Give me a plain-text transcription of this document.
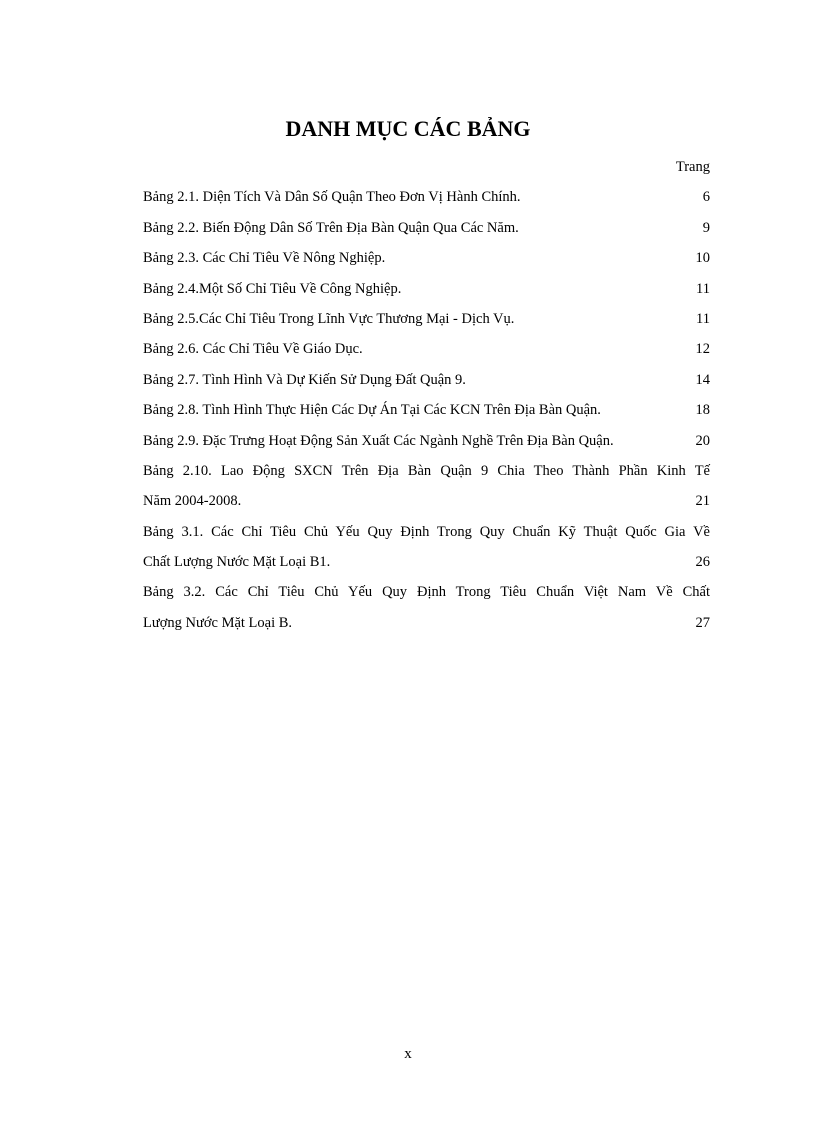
DANH MỤC CÁC BẢNG
Trang
Bảng 2.1. Diện Tích Và Dân Số Quận Theo Đơn Vị Hành Chính.	6
Bảng 2.2. Biến Động Dân Số Trên Địa Bàn Quận Qua Các Năm.	9
Bảng 2.3. Các Chỉ Tiêu Về Nông Nghiệp.	10
Bảng 2.4.Một Số Chỉ Tiêu Về Công Nghiệp.	11
Bảng 2.5.Các Chỉ Tiêu Trong Lĩnh Vực Thương Mại - Dịch Vụ.	11
Bảng 2.6. Các Chỉ Tiêu Về Giáo Dục.	12
Bảng 2.7. Tình Hình Và Dự Kiến Sử Dụng Đất Quận 9.	14
Bảng 2.8. Tình Hình Thực Hiện Các Dự Án Tại Các KCN Trên Địa Bàn Quận.	18
Bảng 2.9. Đặc Trưng Hoạt Động Sản Xuất Các Ngành Nghề Trên Địa Bàn Quận.	20
Bảng 2.10. Lao Động SXCN Trên Địa Bàn Quận 9 Chia Theo Thành Phần Kinh Tế
Năm 2004-2008.	21
Bảng 3.1. Các Chỉ Tiêu Chủ Yếu Quy Định Trong Quy Chuẩn Kỹ Thuật Quốc Gia Về
Chất Lượng Nước Mặt Loại B1.	26
Bảng 3.2. Các Chỉ Tiêu Chủ Yếu Quy Định Trong Tiêu Chuẩn Việt Nam Về Chất
Lượng Nước Mặt Loại B.	27
x
